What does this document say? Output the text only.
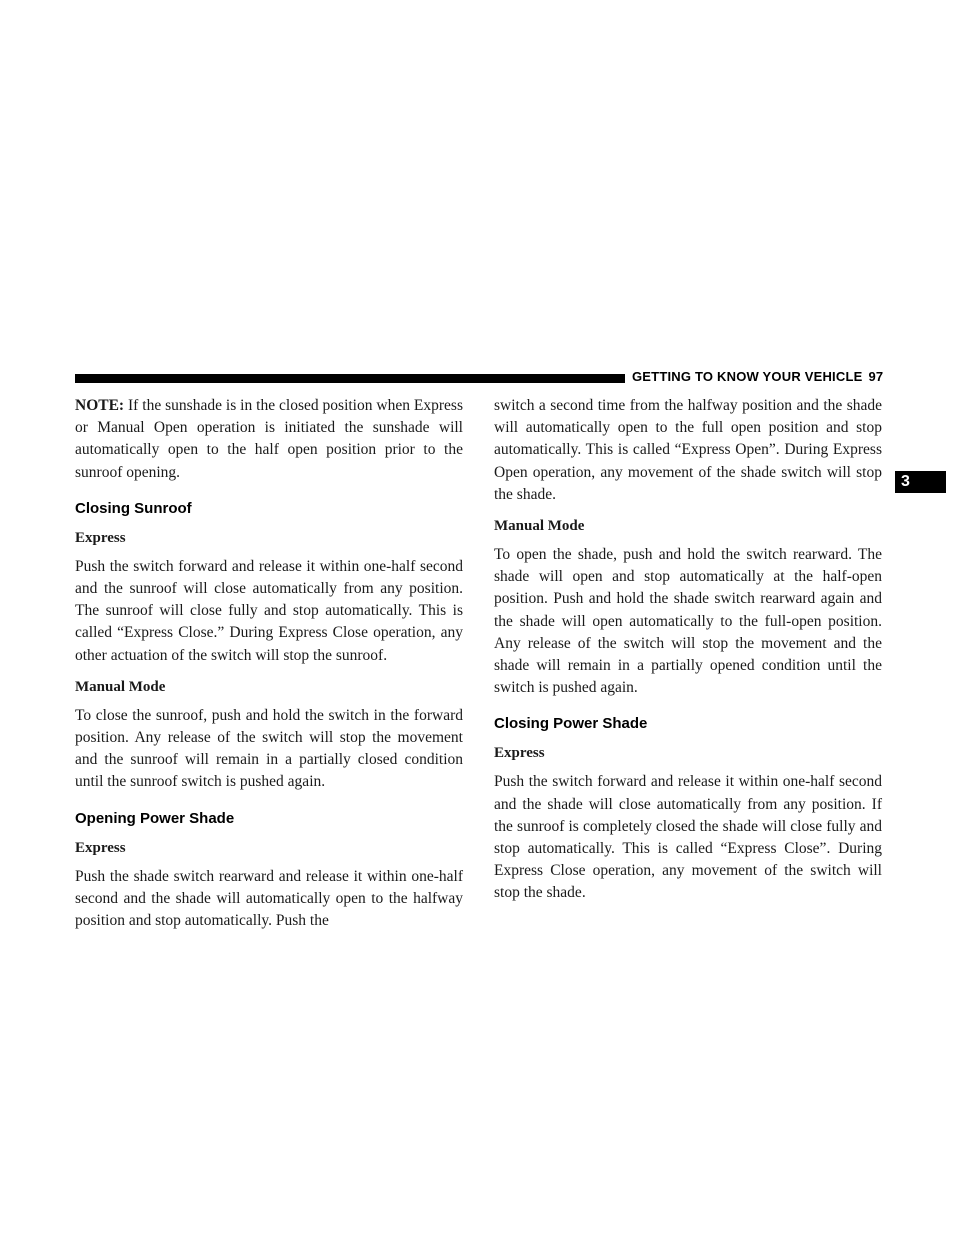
GETTING TO KNOW YOUR VEHICLE 97
3

NOTE: If the sunshade is in the closed position when Express or Manual Open operation is initiated the sunshade will automatically open to the half open position prior to the sunroof opening.

Closing Sunroof
Express

Push the switch forward and release it within one-half second and the sunroof will close automatically from any position. The sunroof will close fully and stop automatically. This is called “Express Close.” During Express Close operation, any other actuation of the switch will stop the sunroof.

Manual Mode

To close the sunroof, push and hold the switch in the forward position. Any release of the switch will stop the movement and the sunroof will remain in a partially closed condition until the sunroof switch is pushed again.

Opening Power Shade
Express

Push the shade switch rearward and release it within one-half second and the shade will automatically open to the halfway position and stop automatically. Push the

switch a second time from the halfway position and the shade will automatically open to the full open position and stop automatically. This is called “Express Open”. During Express Open operation, any movement of the shade switch will stop the shade.

Manual Mode

To open the shade, push and hold the switch rearward. The shade will open and stop automatically at the half-open position. Push and hold the shade switch rearward again and the shade will open automatically to the full-open position. Any release of the switch will stop the movement and the shade will remain in a partially opened condition until the switch is pushed again.

Closing Power Shade
Express

Push the switch forward and release it within one-half second and the shade will close automatically from any position. If the sunroof is completely closed the shade will close fully and stop automatically. This is called “Express Close”. During Express Close operation, any movement of the switch will stop the shade.
